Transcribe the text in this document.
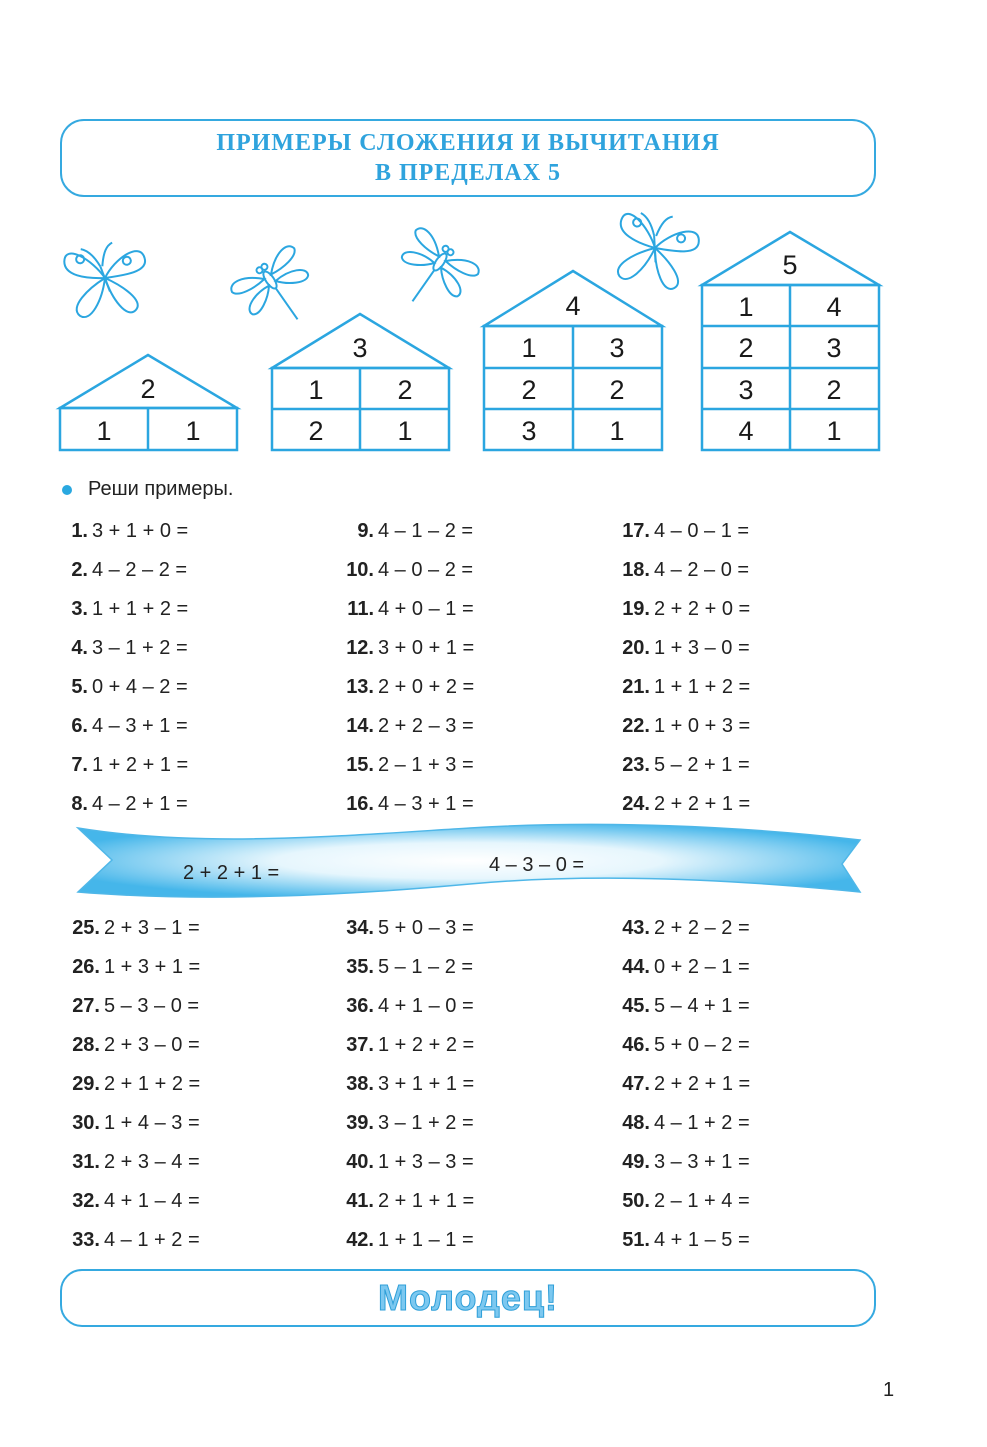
ПРИМЕРЫ СЛОЖЕНИЯ И ВЫЧИТАНИЯ
В ПРЕДЕЛАХ 5
2
1	1
3
1	2
2	1
4
1	3
2	2
3	1
5
1	4
2	3
3	2
4	1
Реши примеры.
1. 3 + 1 + 0 =
2. 4 – 2 – 2 =
3. 1 + 1 + 2 =
4. 3 – 1 + 2 =
5. 0 + 4 – 2 =
6. 4 – 3 + 1 =
7. 1 + 2 + 1 =
8. 4 – 2 + 1 =
9. 4 – 1 – 2 =
10. 4 – 0 – 2 =
11. 4 + 0 – 1 =
12. 3 + 0 + 1 =
13. 2 + 0 + 2 =
14. 2 + 2 – 3 =
15. 2 – 1 + 3 =
16. 4 – 3 + 1 =
17. 4 – 0 – 1 =
18. 4 – 2 – 0 =
19. 2 + 2 + 0 =
20. 1 + 3 – 0 =
21. 1 + 1 + 2 =
22. 1 + 0 + 3 =
23. 5 – 2 + 1 =
24. 2 + 2 + 1 =
2 + 2 + 1 =	4 – 3 – 0 =
25. 2 + 3 – 1 =
26. 1 + 3 + 1 =
27. 5 – 3 – 0 =
28. 2 + 3 – 0 =
29. 2 + 1 + 2 =
30. 1 + 4 – 3 =
31. 2 + 3 – 4 =
32. 4 + 1 – 4 =
33. 4 – 1 + 2 =
34. 5 + 0 – 3 =
35. 5 – 1 – 2 =
36. 4 + 1 – 0 =
37. 1 + 2 + 2 =
38. 3 + 1 + 1 =
39. 3 – 1 + 2 =
40. 1 + 3 – 3 =
41. 2 + 1 + 1 =
42. 1 + 1 – 1 =
43. 2 + 2 – 2 =
44. 0 + 2 – 1 =
45. 5 – 4 + 1 =
46. 5 + 0 – 2 =
47. 2 + 2 + 1 =
48. 4 – 1 + 2 =
49. 3 – 3 + 1 =
50. 2 – 1 + 4 =
51. 4 + 1 – 5 =
Молодец!
1
